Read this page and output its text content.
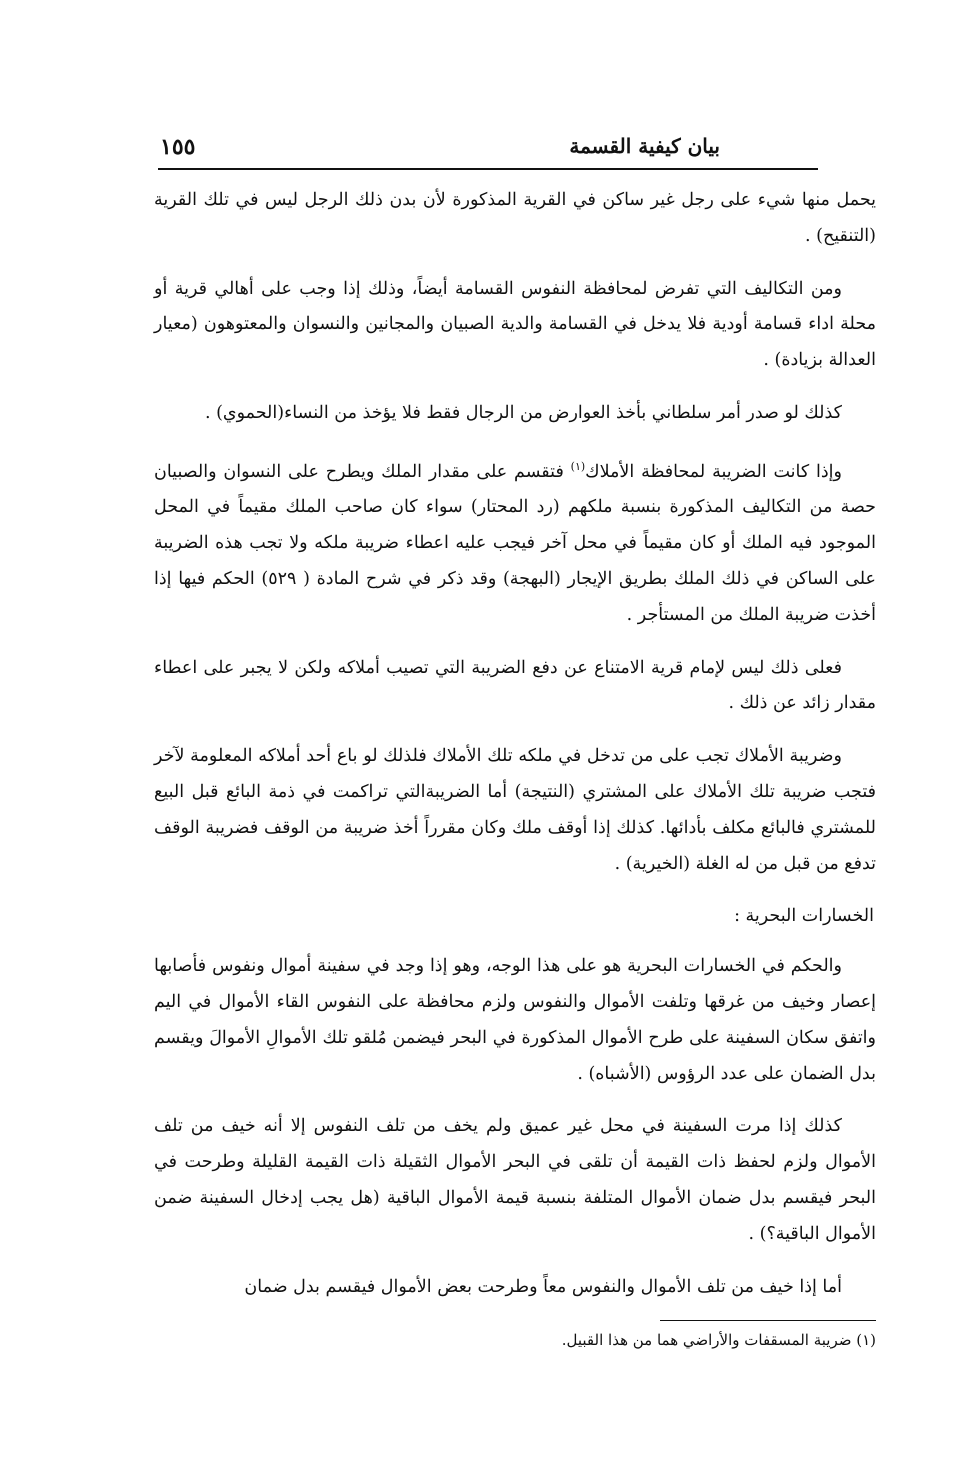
بيان كيفية القسمة
١٥٥

يحمل منها شيء على رجل غير ساكن في القرية المذكورة لأن بدن ذلك الرجل ليس في تلك القرية (التنقيح) .

ومن التكاليف التي تفرض لمحافظة النفوس القسامة أيضاً، وذلك إذا وجب على أهالي قرية أو محلة اداء قسامة أودية فلا يدخل في القسامة والدية الصبيان والمجانين والنسوان والمعتوهون (معيار العدالة بزيادة) .

كذلك لو صدر أمر سلطاني بأخذ العوارض من الرجال فقط فلا يؤخذ من النساء(الحموي) .

وإذا كانت الضريبة لمحافظة الأملاك$^{(١)}$ فتقسم على مقدار الملك ويطرح على النسوان والصبيان حصة من التكاليف المذكورة بنسبة ملكهم (رد المحتار) سواء كان صاحب الملك مقيماً في المحل الموجود فيه الملك أو كان مقيماً في محل آخر فيجب عليه اعطاء ضريبة ملكه ولا تجب هذه الضريبة على الساكن في ذلك الملك بطريق الإيجار (البهجة) وقد ذكر في شرح المادة ( ٥٢٩) الحكم فيها إذا أخذت ضريبة الملك من المستأجر .

فعلى ذلك ليس لإمام قرية الامتناع عن دفع الضريبة التي تصيب أملاكه ولكن لا يجبر على اعطاء مقدار زائد عن ذلك .

وضريبة الأملاك تجب على من تدخل في ملكه تلك الأملاك فلذلك لو باع أحد أملاكه المعلومة لآخر فتجب ضريبة تلك الأملاك على المشتري (النتيجة) أما الضريبةالتي تراكمت في ذمة البائع قبل البيع للمشتري فالبائع مكلف بأدائها. كذلك إذا أوقف ملك وكان مقرراً أخذ ضريبة من الوقف فضريبة الوقف تدفع من قبل من له الغلة (الخيرية) .

الخسارات البحرية :

والحكم في الخسارات البحرية هو على هذا الوجه، وهو إذا وجد في سفينة أموال ونفوس فأصابها إعصار وخيف من غرقها وتلفت الأموال والنفوس ولزم محافظة على النفوس القاء الأموال في اليم واتفق سكان السفينة على طرح الأموال المذكورة في البحر فيضمن مُلقو تلك الأموالِ الأموالَ ويقسم بدل الضمان على عدد الرؤوس (الأشباه) .

كذلك إذا مرت السفينة في محل غير عميق ولم يخف من تلف النفوس إلا أنه خيف من تلف الأموال ولزم لحفظ ذات القيمة أن تلقى في البحر الأموال الثقيلة ذات القيمة القليلة وطرحت في البحر فيقسم بدل ضمان الأموال المتلفة بنسبة قيمة الأموال الباقية (هل يجب إدخال السفينة ضمن الأموال الباقية؟) .

أما إذا خيف من تلف الأموال والنفوس معاً وطرحت بعض الأموال فيقسم بدل ضمان

(١) ضريبة المسقفات والأراضي هما من هذا القبيل.
